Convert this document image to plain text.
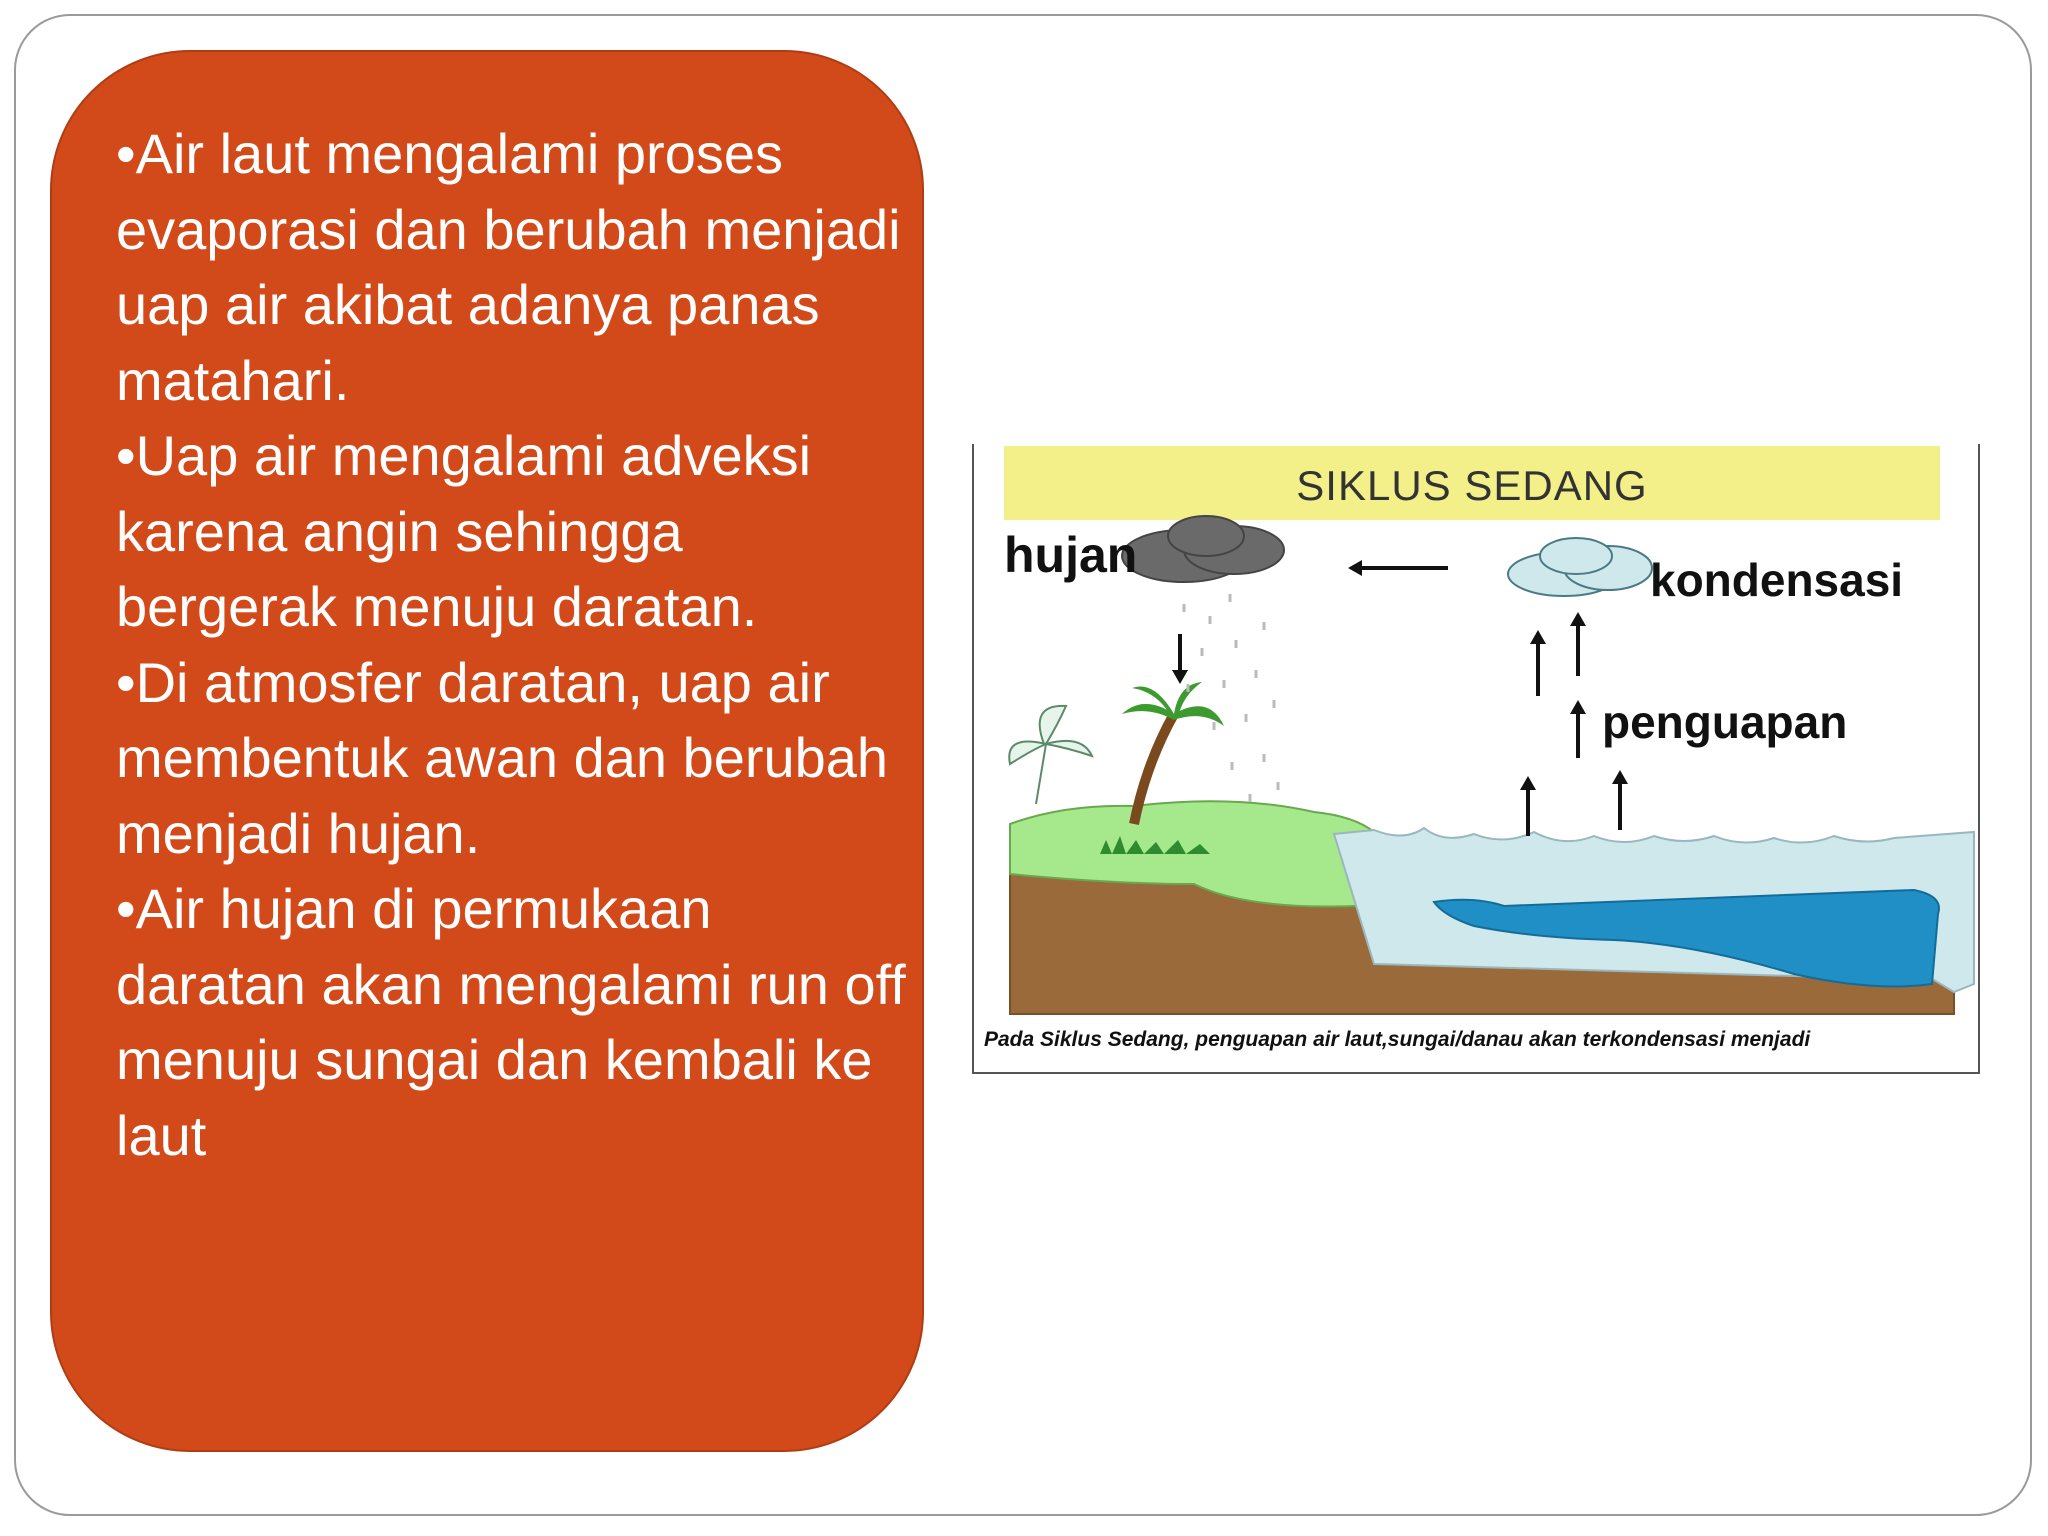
•Air laut mengalami proses evaporasi dan berubah menjadi uap air akibat adanya panas matahari.
•Uap air mengalami adveksi karena angin sehingga bergerak menuju daratan.
•Di atmosfer daratan, uap air membentuk awan dan berubah menjadi hujan.
•Air hujan di permukaan daratan akan mengalami run off menuju sungai dan kembali ke laut
SIKLUS SEDANG
hujan	kondensasi
penguapan
Pada Siklus Sedang, penguapan air laut,sungai/danau akan terkondensasi menjadi
